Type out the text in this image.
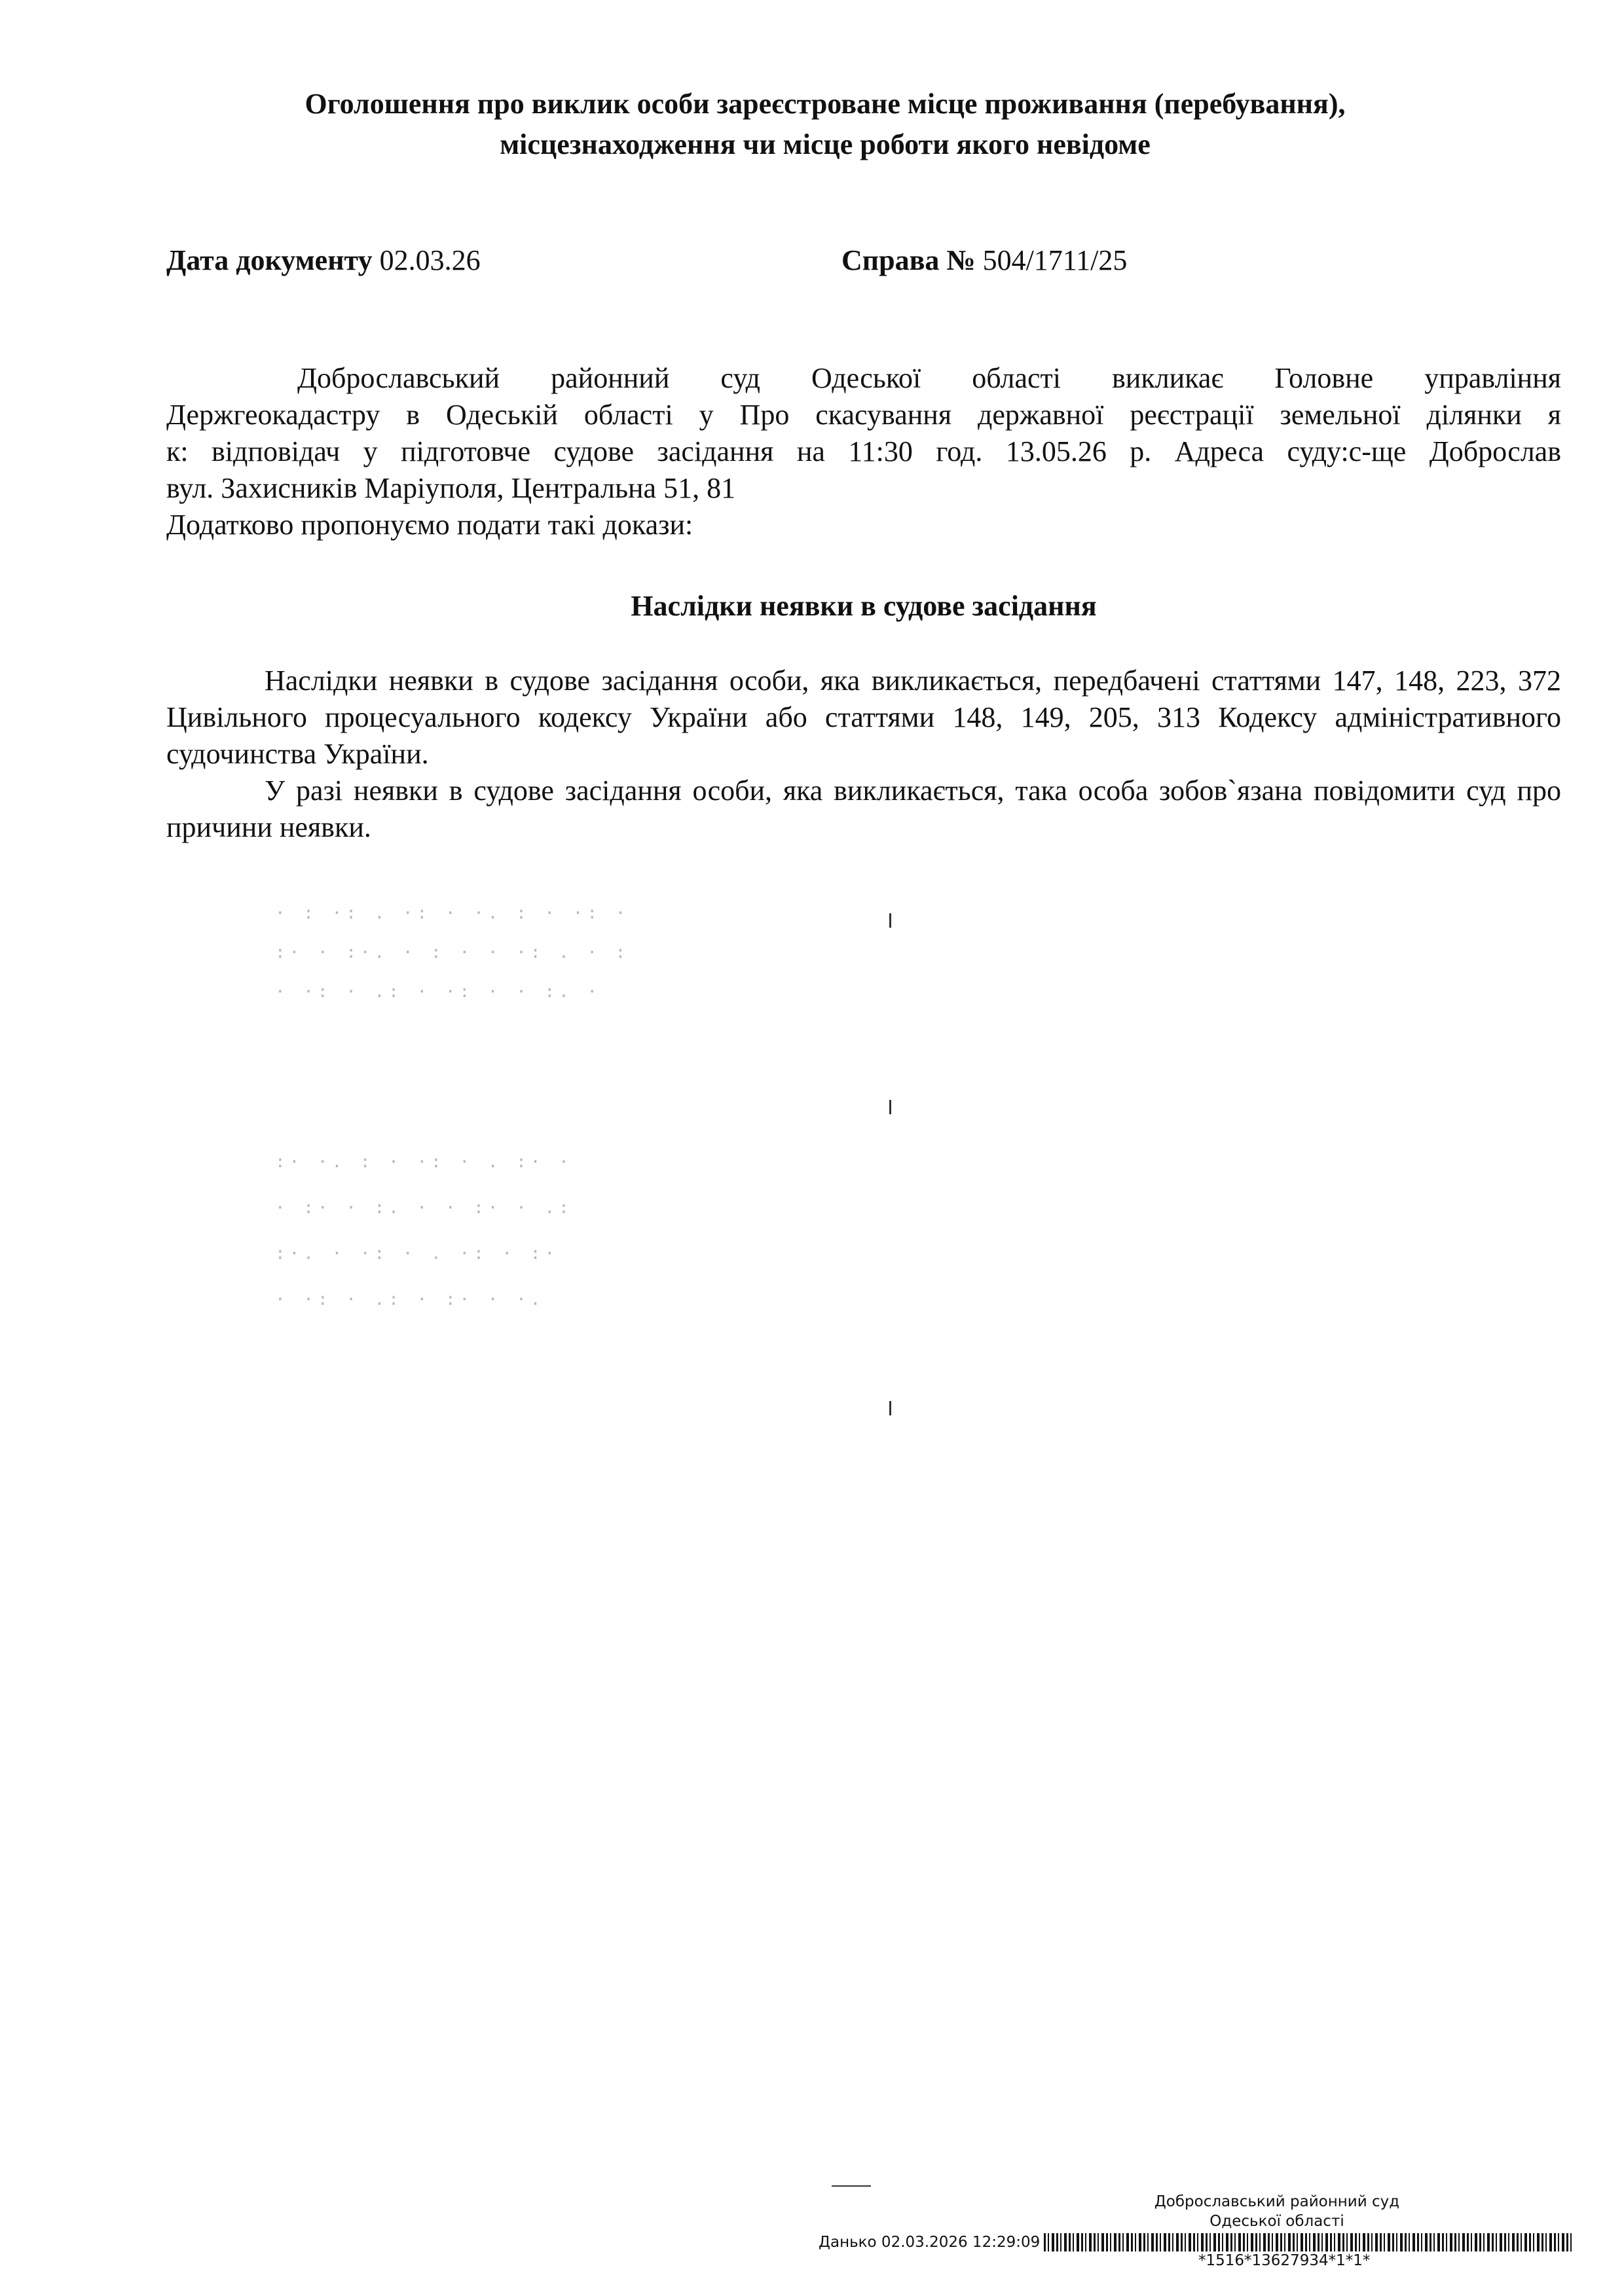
Оголошення про виклик особи зареєстроване місце проживання (перебування),
місцезнаходження чи місце роботи якого невідоме
Дата документу 02.03.26	Справа № 504/1711/25
Доброславський районний суд Одеської області викликає Головне управління
Держгеокадастру в Одеській області у Про скасування державної реєстрації земельної ділянки я
к: відповідач у підготовче судове засідання на 11:30 год. 13.05.26 р. Адреса суду:с-ще Доброслав
вул. Захисників Маріуполя, Центральна 51, 81
Додатково пропонуємо подати такі докази:
Наслідки неявки в судове засідання

Наслідки неявки в судове засідання особи, яка викликається, передбачені статтями 147, 148, 223, 372 Цивільного процесуального кодексу України або статтями 148, 149, 205, 313 Кодексу адміністративного судочинства України.

У разі неявки в судове засідання особи, яка викликається, така особа зобов`язана повідомити суд про причини неявки.

· : ·: . ·: · ·. : · ·: ·
:· · :·. · : · · ·: . · :
· ·: · .: · ·: · · :. ·
:· ·. : · ·: · . :· ·
· :· · :. · · :· · .:
:·. · ·: · . ·: · :·
· ·: · .: · :· · ·.
Доброславський районний суд
Одеської області
Данько 02.03.2026 12:29:09
*1516*13627934*1*1*
